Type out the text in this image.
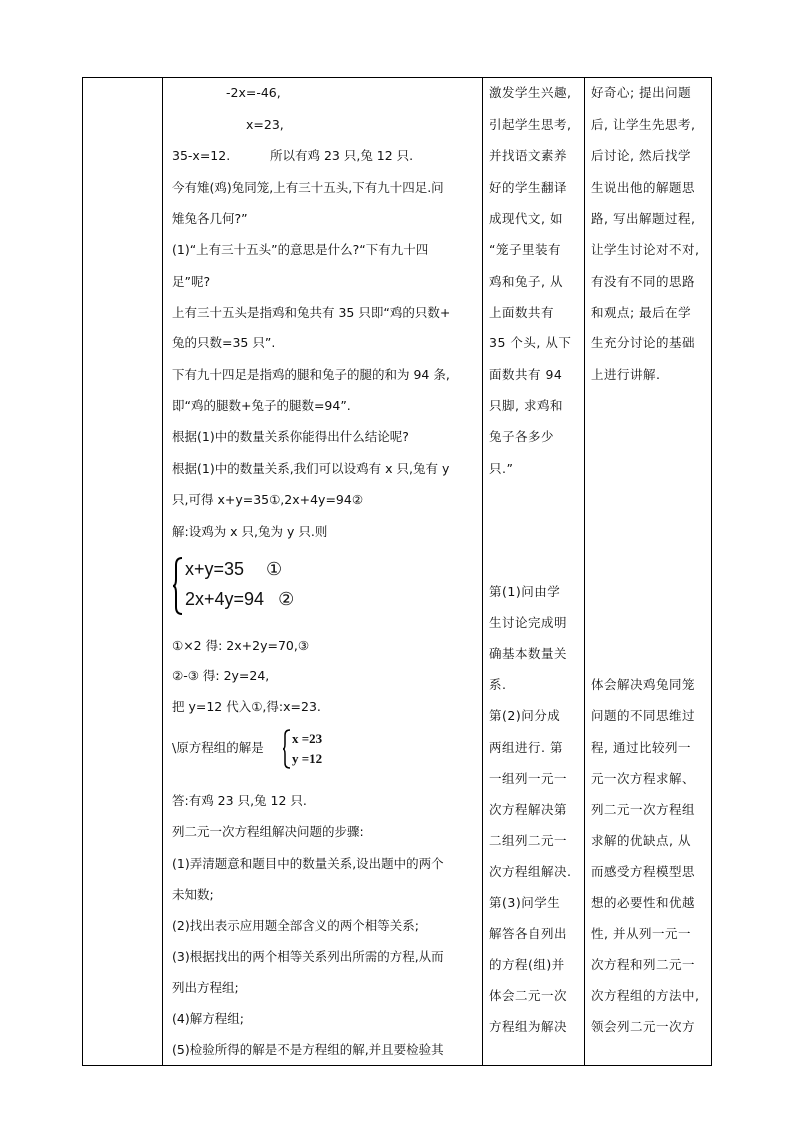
-2x=-46,
x=23,
35-x=12.	所以有鸡 23 只,兔 12 只.
今有雉(鸡)兔同笼,上有三十五头,下有九十四足.问
雉兔各几何?”
(1)“上有三十五头”的意思是什么?“下有九十四
足”呢?
上有三十五头是指鸡和兔共有 35 只即“鸡的只数+
兔的只数=35 只”.
下有九十四足是指鸡的腿和兔子的腿的和为 94 条,
即“鸡的腿数+兔子的腿数=94”.
根据(1)中的数量关系你能得出什么结论呢?
根据(1)中的数量关系,我们可以设鸡有 x 只,兔有 y
只,可得 x+y=35①,2x+4y=94②
解:设鸡为 x 只,兔为 y 只.则
x+y=35 ①
2x+4y=94 ②
①×2 得: 2x+2y=70,③
②-③ 得: 2y=24,
把 y=12 代入①,得:x=23.
\原方程组的解是
x =23
y =12
答:有鸡 23 只,兔 12 只.
列二元一次方程组解决问题的步骤:
(1)弄清题意和题目中的数量关系,设出题中的两个
未知数;
(2)找出表示应用题全部含义的两个相等关系;
(3)根据找出的两个相等关系列出所需的方程,从而
列出方程组;
(4)解方程组;
(5)检验所得的解是不是方程组的解,并且要检验其
激发学生兴趣,
引起学生思考,
并找语文素养
好的学生翻译
成现代文, 如
“笼子里装有
鸡和兔子, 从
上面数共有
35 个头, 从下
面数共有 94
只脚, 求鸡和
兔子各多少
只.”
第(1)问由学
生讨论完成明
确基本数量关
系.
第(2)问分成
两组进行. 第
一组列一元一
次方程解决第
二组列二元一
次方程组解决.
第(3)问学生
解答各自列出
的方程(组)并
体会二元一次
方程组为解决
好奇心; 提出问题
后, 让学生先思考,
后讨论, 然后找学
生说出他的解题思
路, 写出解题过程,
让学生讨论对不对,
有没有不同的思路
和观点; 最后在学
生充分讨论的基础
上进行讲解.
体会解决鸡兔同笼
问题的不同思维过
程, 通过比较列一
元一次方程求解、
列二元一次方程组
求解的优缺点, 从
而感受方程模型思
想的必要性和优越
性, 并从列一元一
次方程和列二元一
次方程组的方法中,
领会列二元一次方
